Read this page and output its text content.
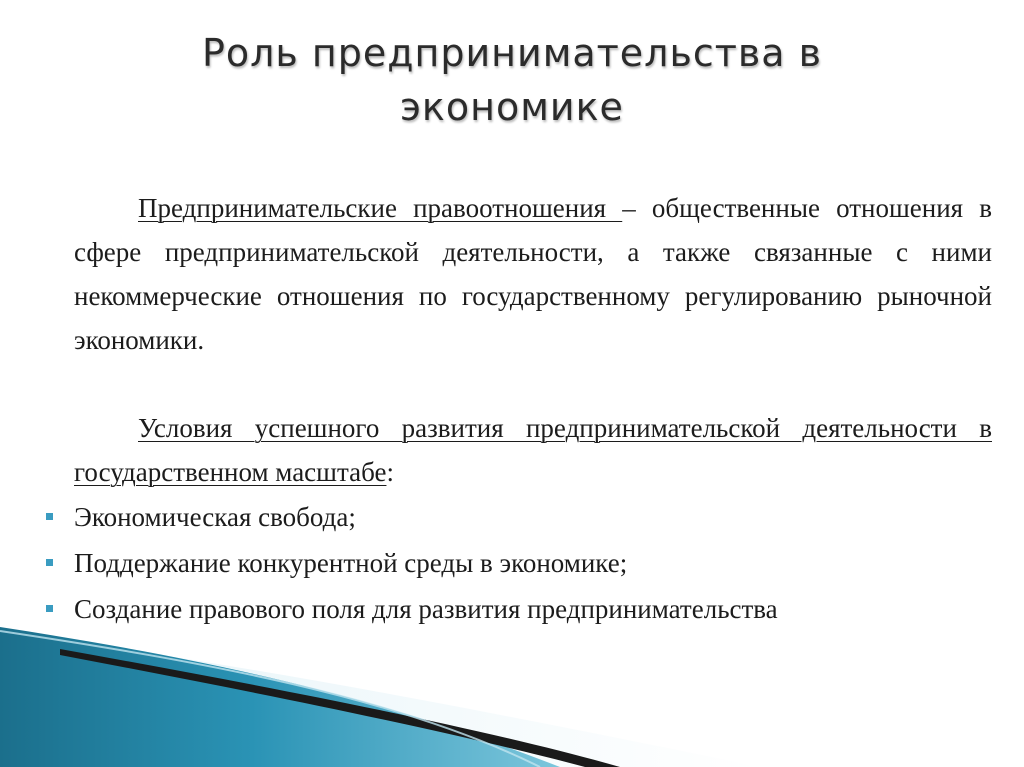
Роль предпринимательства в
экономике

Предпринимательские правоотношения – общественные отношения в сфере предпринимательской деятельности, а также связанные с ними некоммерческие отношения по государственному регулированию рыночной экономики.

Условия успешного развития предпринимательской деятельности в государственном масштабе:

Экономическая свобода;
Поддержание конкурентной среды в экономике;
Создание правового поля для развития предпринимательства
